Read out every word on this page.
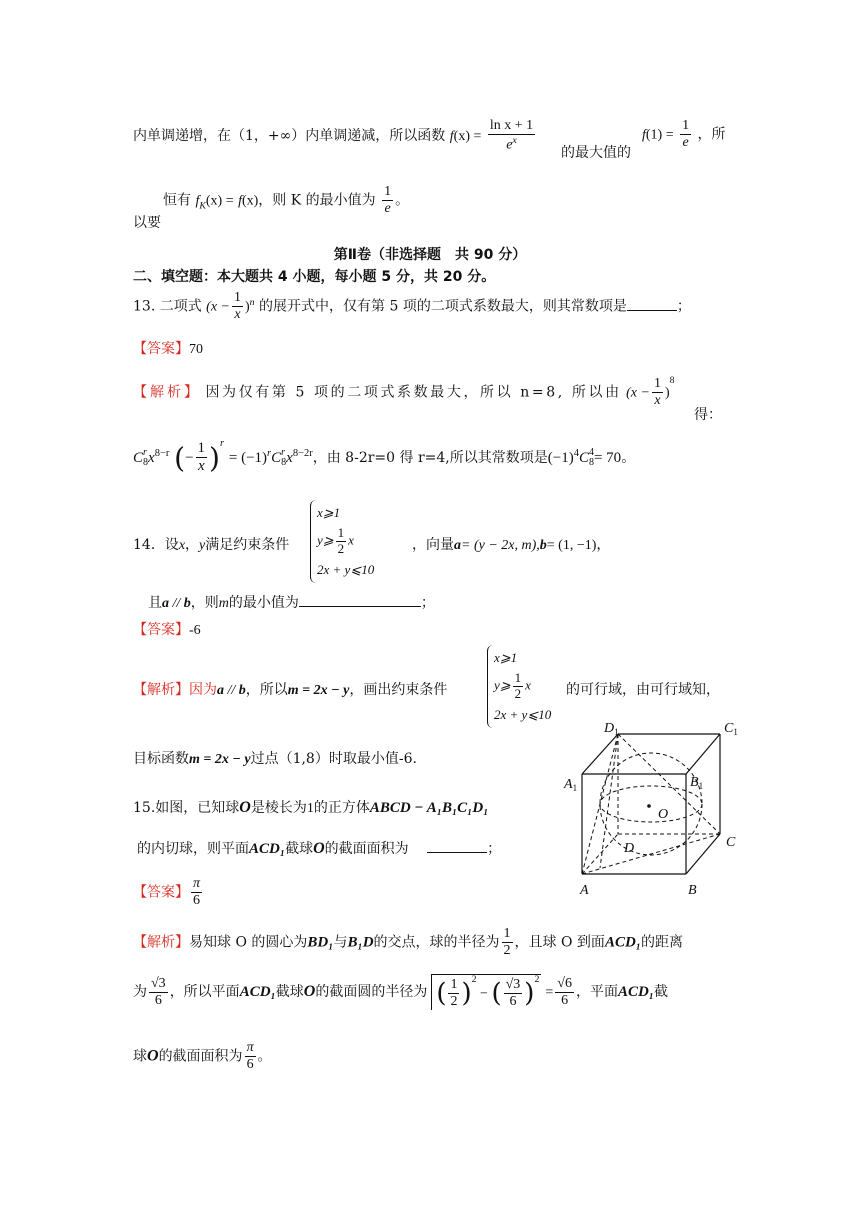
内单调递增，在（1，+∞）内单调递减，所以函数 $f(x) = \frac{\text{ln x + 1}}{e^x}$ 的最大值的
$f(1) = \frac{1}{e}$ ，所
以要
恒有 $f_K(x) = f(x)$，则 K 的最小值为 $\frac{1}{e}$ 。
第Ⅱ卷（非选择题　共 90 分）
二、填空题：本大题共 4 小题，每小题 5 分，共 20 分。
13. 二项式 $(x - \frac{1}{x} )^n$ 的展开式中，仅有第 5 项的二项式系数最大，则其常数项是	；
【答案】70
【解析】 因为仅有第 5 项的二项式系数最大，所以 n=8, 所以由 $(x - \frac{1}{x} )^8$
得：
C r
8 $x^{8-r}$ (− $\frac{1}{x} )^r = (-1)^rC$ r
8 $x^{8-2r}$，由 8-2r=0 得 r=4,所以其常数项是$(-1)^4C$ 4
8 = 70。
14．设x，y满足约束条件
x⩾1
y⩾ $\frac{1}{2}$ x
2x + y⩽10
，向量a= (y − 2x, m),b= (1, −1)，
且a // b，则m的最小值为	；
【答案】-6
【解析】因为a // b，所以m = 2x − y，画出约束条件
x⩾1
y⩾ $\frac{1}{2}$ x
2x + y⩽10
的可行域，由可行域知，
目标函数m = 2x − y过点（1,8）时取最小值-6.
15.如图，已知球O是棱长为1的正方体ABCD − A₁B₁C₁D₁
的内切球，则平面ACD₁截球O的截面面积为	；
【答案】 $\frac{\pi}{6}$
【解析】易知球 O 的圆心为BD₁与B₁D的交点，球的半径为 $\frac{1}{2}$ ，且球 O 到面ACD₁的距离
为 $\frac{√3}{6}$ ，所以平面ACD₁截球O的截面圆的半径为 ( $\frac{1}{2} )^2$ − ( $\frac{√3}{6} )^2= \frac{√6}{6}$ ，平面ACD₁截
球O的截面面积为 $\frac{\pi}{6}$ 。
$D_1$	$C_1$
$A_1$	$B_1$
O
D	C
A	B
